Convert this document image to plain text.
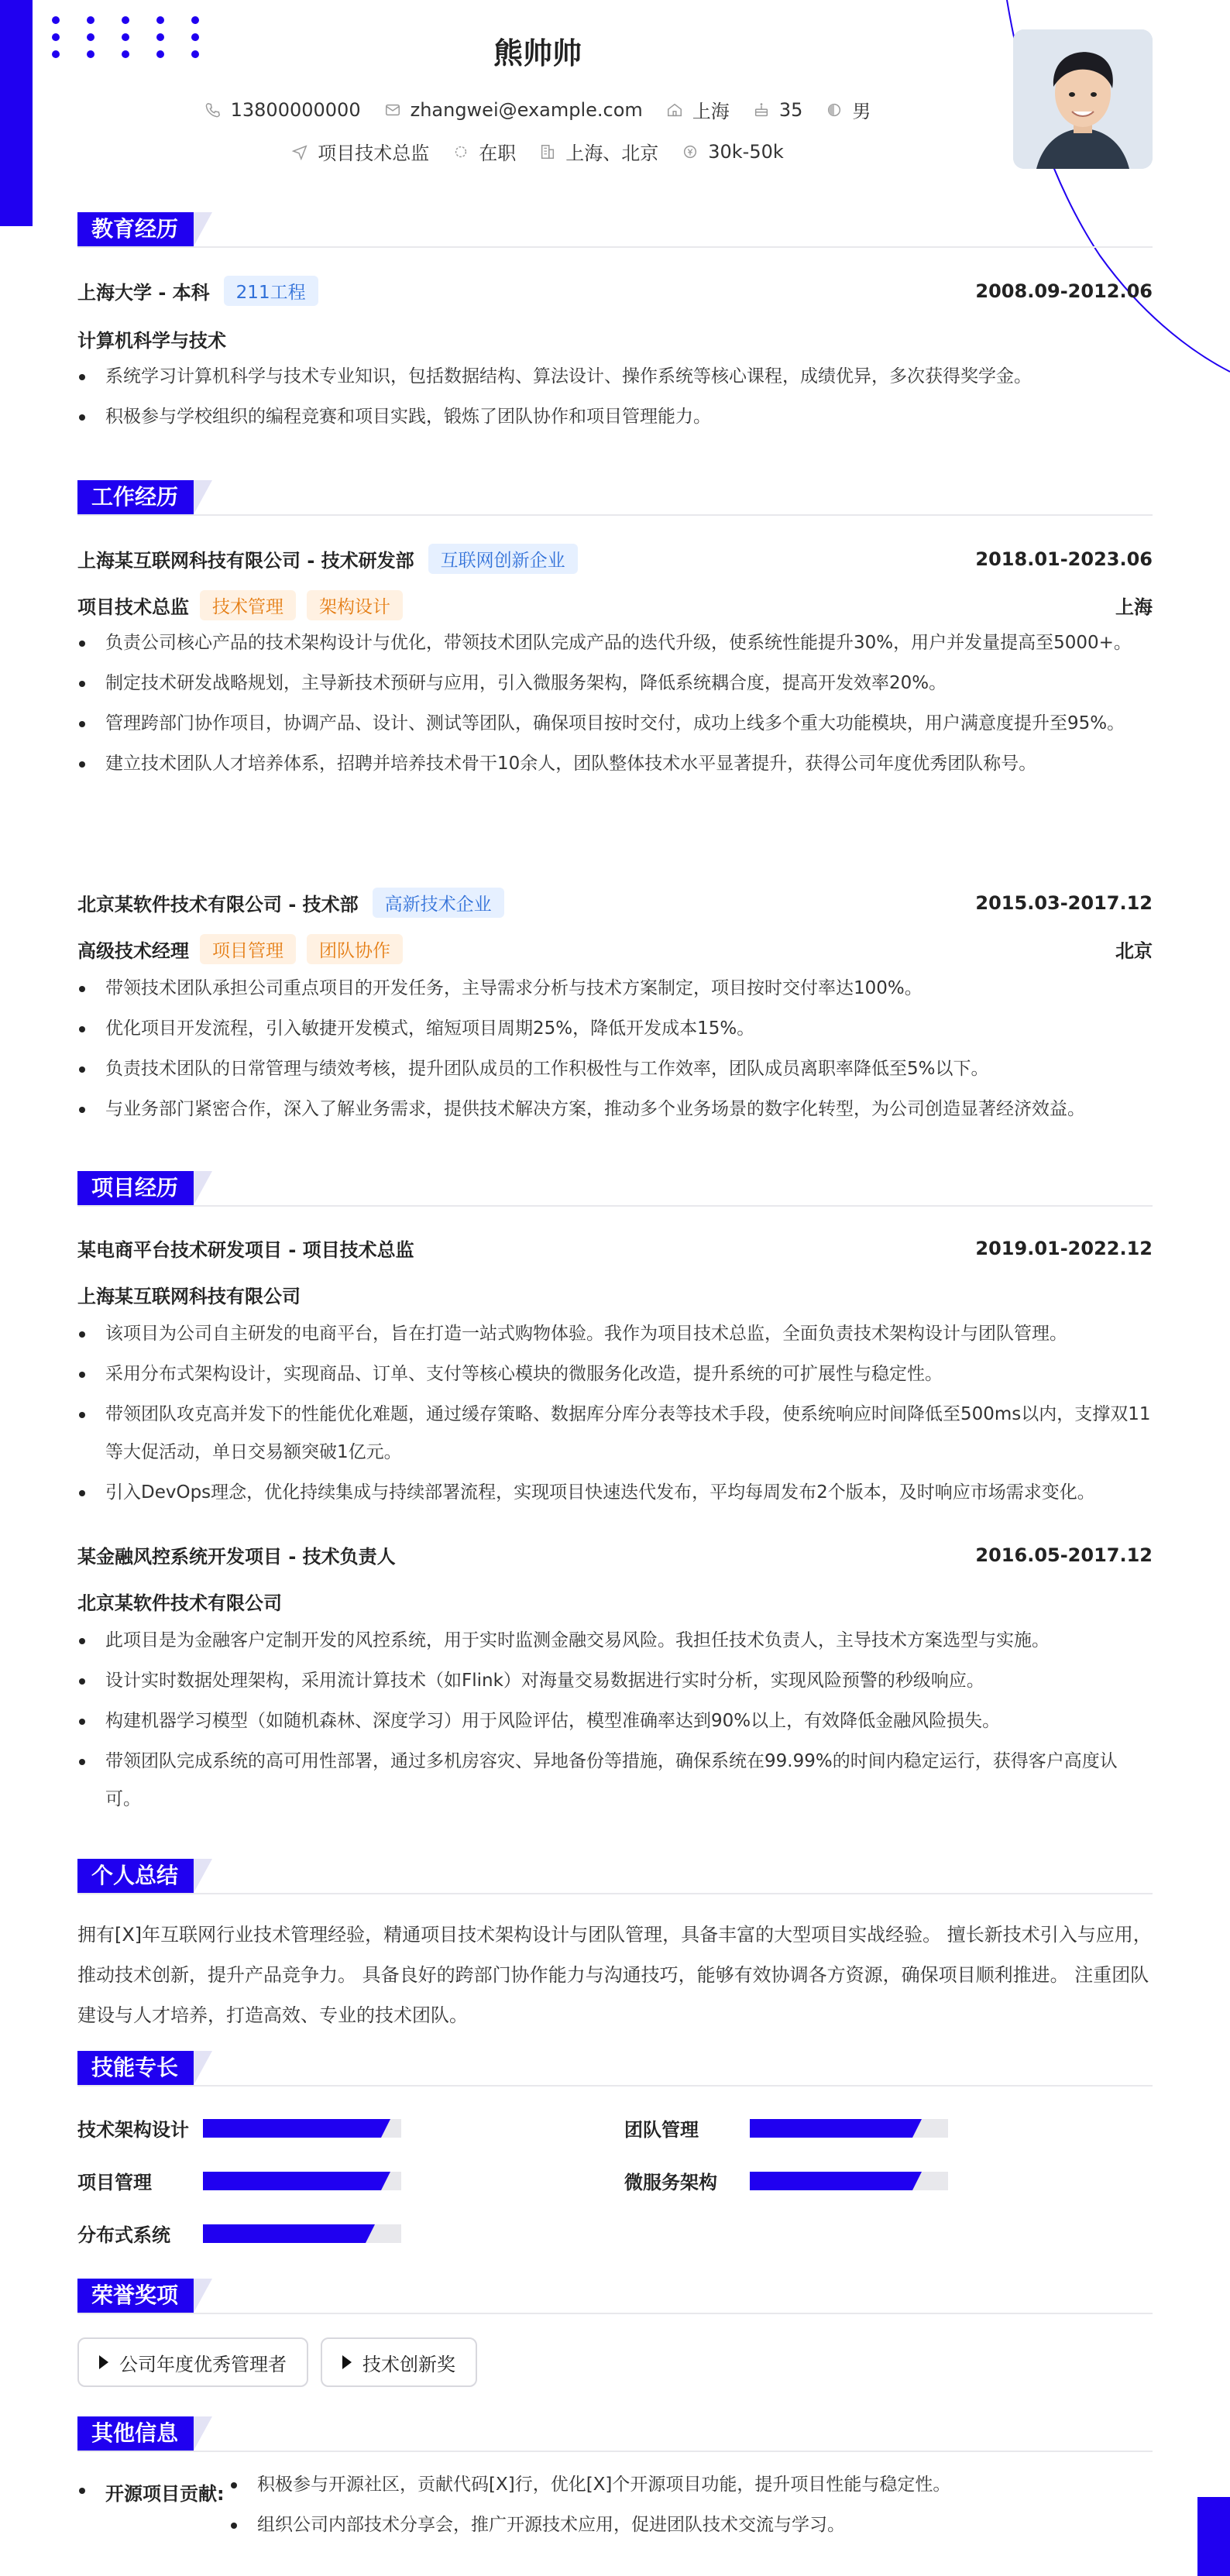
熊帅帅
13800000000	zhangwei@example.com	上海	35	男
项目技术总监	在职	上海、北京	30k-50k
教育经历
上海大学 - 本科	211工程	2008.09-2012.06
计算机科学与技术
系统学习计算机科学与技术专业知识，包括数据结构、算法设计、操作系统等核心课程，成绩优异，多次获得奖学金。
积极参与学校组织的编程竞赛和项目实践，锻炼了团队协作和项目管理能力。
工作经历
上海某互联网科技有限公司 - 技术研发部	互联网创新企业	2018.01-2023.06
项目技术总监	技术管理	架构设计	上海
负责公司核心产品的技术架构设计与优化，带领技术团队完成产品的迭代升级，使系统性能提升30%，用户并发量提高至5000+。
制定技术研发战略规划，主导新技术预研与应用，引入微服务架构，降低系统耦合度，提高开发效率20%。
管理跨部门协作项目，协调产品、设计、测试等团队，确保项目按时交付，成功上线多个重大功能模块，用户满意度提升至95%。
建立技术团队人才培养体系，招聘并培养技术骨干10余人，团队整体技术水平显著提升，获得公司年度优秀团队称号。
北京某软件技术有限公司 - 技术部	高新技术企业	2015.03-2017.12
高级技术经理	项目管理	团队协作	北京
带领技术团队承担公司重点项目的开发任务，主导需求分析与技术方案制定，项目按时交付率达100%。
优化项目开发流程，引入敏捷开发模式，缩短项目周期25%，降低开发成本15%。
负责技术团队的日常管理与绩效考核，提升团队成员的工作积极性与工作效率，团队成员离职率降低至5%以下。
与业务部门紧密合作，深入了解业务需求，提供技术解决方案，推动多个业务场景的数字化转型，为公司创造显著经济效益。
项目经历
某电商平台技术研发项目 - 项目技术总监	2019.01-2022.12
上海某互联网科技有限公司
该项目为公司自主研发的电商平台，旨在打造一站式购物体验。我作为项目技术总监，全面负责技术架构设计与团队管理。
采用分布式架构设计，实现商品、订单、支付等核心模块的微服务化改造，提升系统的可扩展性与稳定性。
带领团队攻克高并发下的性能优化难题，通过缓存策略、数据库分库分表等技术手段，使系统响应时间降低至500ms以内，支撑双11等大促活动，单日交易额突破1亿元。
引入DevOps理念，优化持续集成与持续部署流程，实现项目快速迭代发布，平均每周发布2个版本，及时响应市场需求变化。
某金融风控系统开发项目 - 技术负责人	2016.05-2017.12
北京某软件技术有限公司
此项目是为金融客户定制开发的风控系统，用于实时监测金融交易风险。我担任技术负责人，主导技术方案选型与实施。
设计实时数据处理架构，采用流计算技术（如Flink）对海量交易数据进行实时分析，实现风险预警的秒级响应。
构建机器学习模型（如随机森林、深度学习）用于风险评估，模型准确率达到90%以上，有效降低金融风险损失。
带领团队完成系统的高可用性部署，通过多机房容灾、异地备份等措施，确保系统在99.99%的时间内稳定运行，获得客户高度认可。
个人总结
拥有[X]年互联网行业技术管理经验，精通项目技术架构设计与团队管理，具备丰富的大型项目实战经验。 擅长新技术引入与应用，
推动技术创新，提升产品竞争力。 具备良好的跨部门协作能力与沟通技巧，能够有效协调各方资源，确保项目顺利推进。 注重团队
建设与人才培养，打造高效、专业的技术团队。
技能专长
技术架构设计	团队管理
项目管理	微服务架构
分布式系统
荣誉奖项
公司年度优秀管理者	技术创新奖
其他信息
开源项目贡献:	积极参与开源社区，贡献代码[X]行，优化[X]个开源项目功能，提升项目性能与稳定性。
组织公司内部技术分享会，推广开源技术应用，促进团队技术交流与学习。
